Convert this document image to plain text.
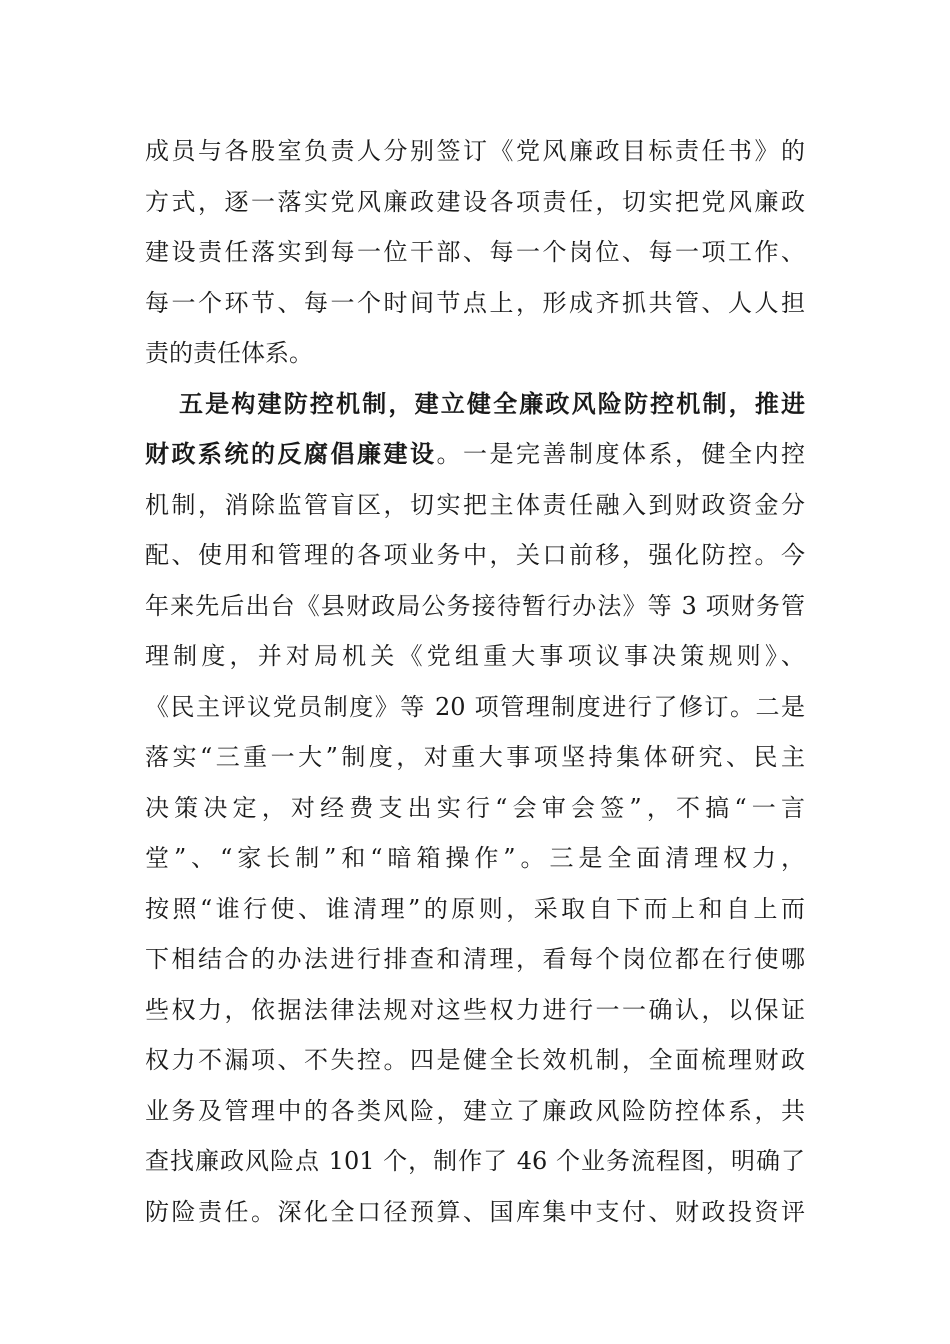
成员与各股室负责人分别签订《党风廉政目标责任书》的
方式，逐一落实党风廉政建设各项责任，切实把党风廉政
建设责任落实到每一位干部、每一个岗位、每一项工作、
每一个环节、每一个时间节点上，形成齐抓共管、人人担
责的责任体系。
五是构建防控机制，建立健全廉政风险防控机制，推进
财政系统的反腐倡廉建设。一是完善制度体系，健全内控
机制，消除监管盲区，切实把主体责任融入到财政资金分
配、使用和管理的各项业务中，关口前移，强化防控。今
年来先后出台《县财政局公务接待暂行办法》等 3 项财务管
理制度，并对局机关《党组重大事项议事决策规则》、
《民主评议党员制度》等 20 项管理制度进行了修订。二是
落实“三重一大”制度，对重大事项坚持集体研究、民主
决策决定，对经费支出实行“会审会签”，不搞“一言
堂”、“家长制”和“暗箱操作”。三是全面清理权力，
按照“谁行使、谁清理”的原则，采取自下而上和自上而
下相结合的办法进行排查和清理，看每个岗位都在行使哪
些权力，依据法律法规对这些权力进行一一确认，以保证
权力不漏项、不失控。四是健全长效机制，全面梳理财政
业务及管理中的各类风险，建立了廉政风险防控体系，共
查找廉政风险点 101 个，制作了 46 个业务流程图，明确了
防险责任。深化全口径预算、国库集中支付、财政投资评
